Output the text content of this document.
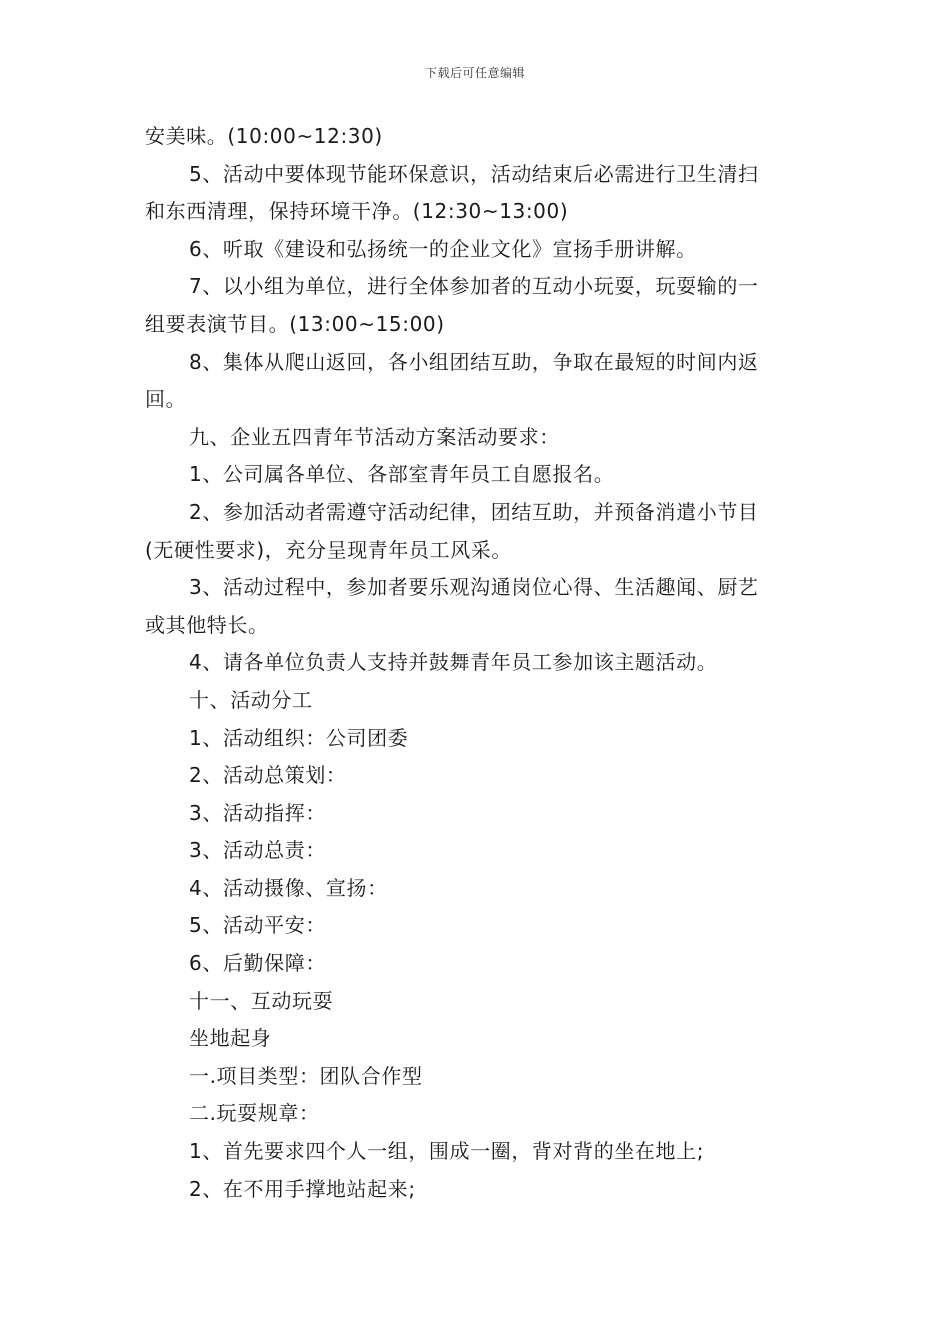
下载后可任意编辑
安美味。(10:00~12:30)
5、活动中要体现节能环保意识，活动结束后必需进行卫生清扫
和东西清理，保持环境干净。(12:30~13:00)
6、听取《建设和弘扬统一的企业文化》宣扬手册讲解。
7、以小组为单位，进行全体参加者的互动小玩耍，玩耍输的一
组要表演节目。(13:00~15:00)
8、集体从爬山返回，各小组团结互助，争取在最短的时间内返
回。
九、企业五四青年节活动方案活动要求：
1、公司属各单位、各部室青年员工自愿报名。
2、参加活动者需遵守活动纪律，团结互助，并预备消遣小节目
(无硬性要求)，充分呈现青年员工风采。
3、活动过程中，参加者要乐观沟通岗位心得、生活趣闻、厨艺
或其他特长。
4、请各单位负责人支持并鼓舞青年员工参加该主题活动。
十、活动分工
1、活动组织：公司团委
2、活动总策划：
3、活动指挥：
3、活动总责：
4、活动摄像、宣扬：
5、活动平安：
6、后勤保障：
十一、互动玩耍
坐地起身
一.项目类型：团队合作型
二.玩耍规章：
1、首先要求四个人一组，围成一圈，背对背的坐在地上;
2、在不用手撑地站起来;
